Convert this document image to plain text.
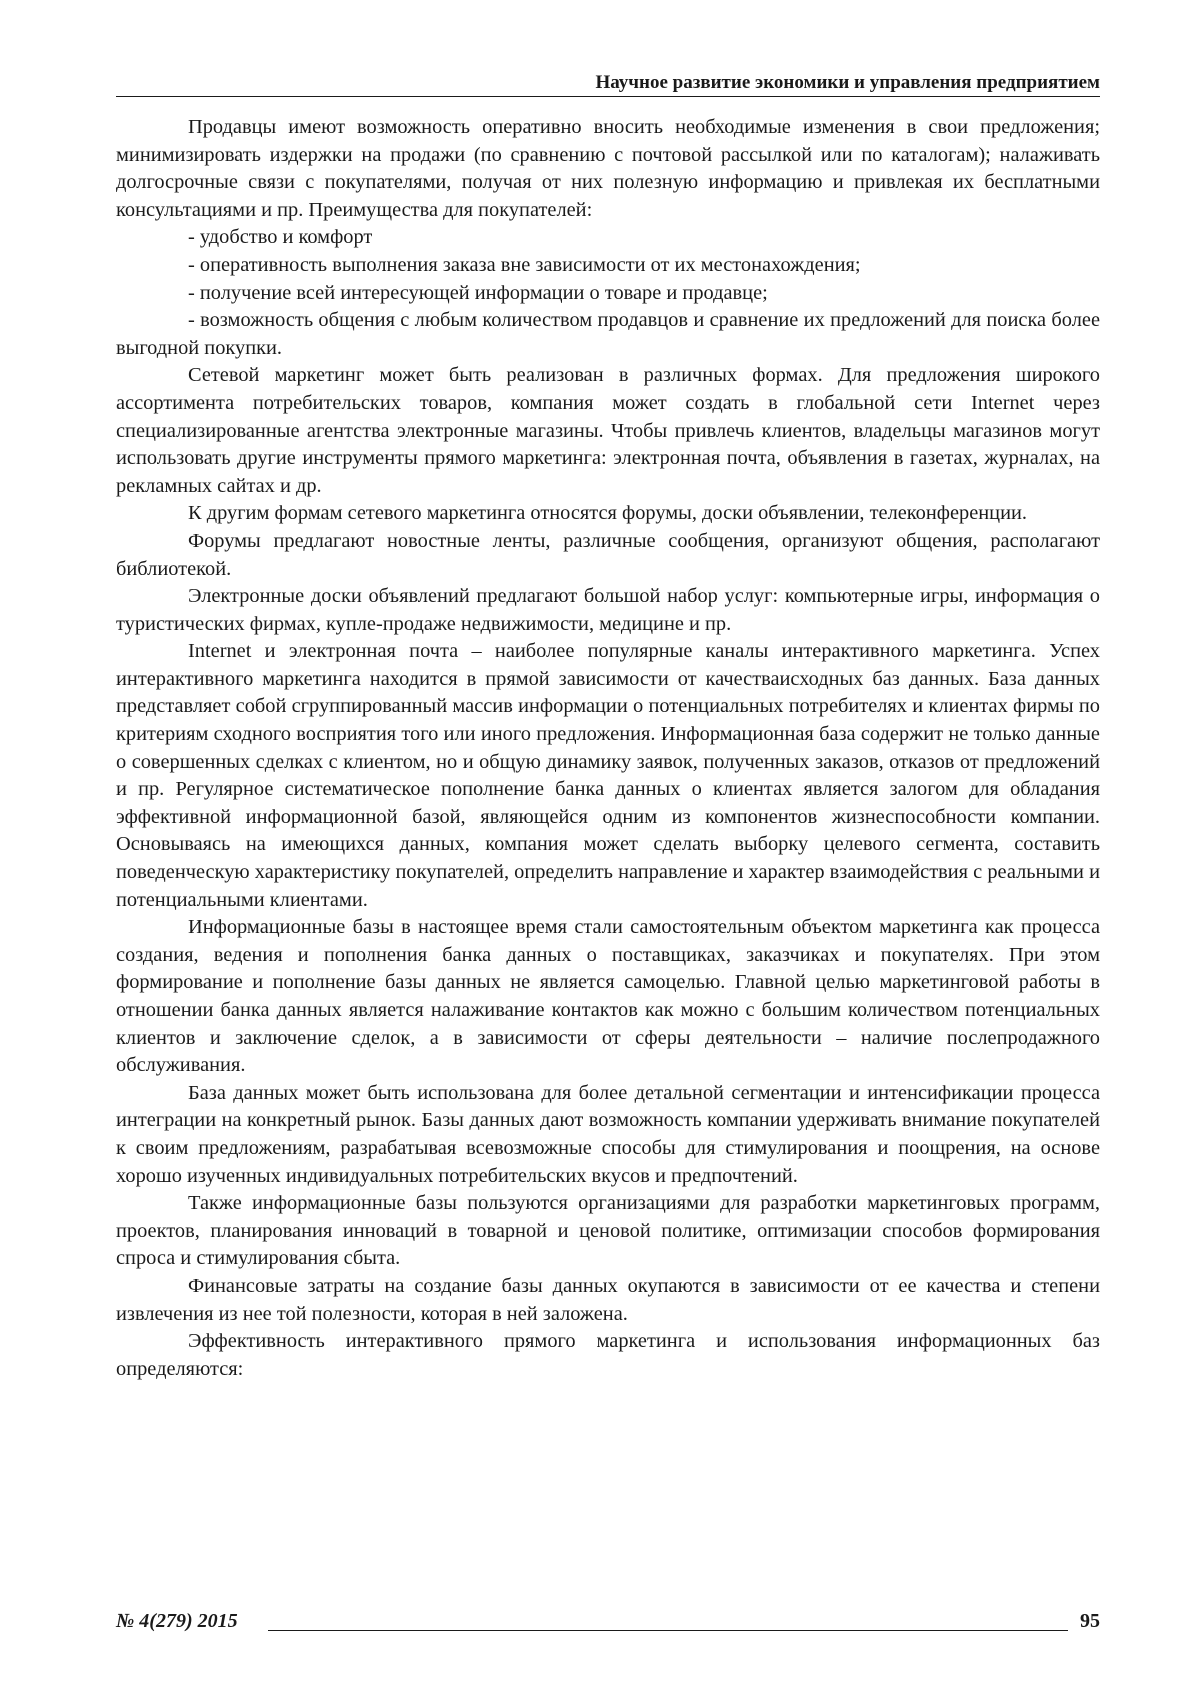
Научное развитие экономики и управления предприятием

Продавцы имеют возможность оперативно вносить необходимые изменения в свои предложения; минимизировать издержки на продажи (по сравнению с почтовой рассылкой или по каталогам); налаживать долгосрочные связи с покупателями, получая от них полезную информацию и привлекая их бесплатными консультациями и пр. Преимущества для покупателей:

- удобство и комфорт

- оперативность выполнения заказа вне зависимости от их местонахождения;

- получение всей интересующей информации о товаре и продавце;

- возможность общения с любым количеством продавцов и сравнение их предложений для поиска более выгодной покупки.

Сетевой маркетинг может быть реализован в различных формах. Для предложения широкого ассортимента потребительских товаров, компания может создать в глобальной сети Internet через специализированные агентства электронные магазины. Чтобы привлечь клиентов, владельцы магазинов могут использовать другие инструменты прямого маркетинга: электронная почта, объявления в газетах, журналах, на рекламных сайтах и др.

К другим формам сетевого маркетинга относятся форумы, доски объявлении, телеконференции.

Форумы предлагают новостные ленты, различные сообщения, организуют общения, располагают библиотекой.

Электронные доски объявлений предлагают большой набор услуг: компьютерные игры, информация о туристических фирмах, купле-продаже недвижимости, медицине и пр.

Internet и электронная почта – наиболее популярные каналы интерактивного маркетинга. Успех интерактивного маркетинга находится в прямой зависимости от качестваисходных баз данных. База данных представляет собой сгруппированный массив информации о потенциальных потребителях и клиентах фирмы по критериям сходного восприятия того или иного предложения. Информационная база содержит не только данные о совершенных сделках с клиентом, но и общую динамику заявок, полученных заказов, отказов от предложений и пр. Регулярное систематическое пополнение банка данных о клиентах является залогом для обладания эффективной информационной базой, являющейся одним из компонентов жизнеспособности компании. Основываясь на имеющихся данных, компания может сделать выборку целевого сегмента, составить поведенческую характеристику покупателей, определить направление и характер взаимодействия с реальными и потенциальными клиентами.

Информационные базы в настоящее время стали самостоятельным объектом маркетинга как процесса создания, ведения и пополнения банка данных о поставщиках, заказчиках и покупателях. При этом формирование и пополнение базы данных не является самоцелью. Главной целью маркетинговой работы в отношении банка данных является налаживание контактов как можно с большим количеством потенциальных клиентов и заключение сделок, а в зависимости от сферы деятельности – наличие послепродажного обслуживания.

База данных может быть использована для более детальной сегментации и интенсификации процесса интеграции на конкретный рынок. Базы данных дают возможность компании удерживать внимание покупателей к своим предложениям, разрабатывая всевозможные способы для стимулирования и поощрения, на основе хорошо изученных индивидуальных потребительских вкусов и предпочтений.

Также информационные базы пользуются организациями для разработки маркетинговых программ, проектов, планирования инноваций в товарной и ценовой политике, оптимизации способов формирования спроса и стимулирования сбыта.

Финансовые затраты на создание базы данных окупаются в зависимости от ее качества и степени извлечения из нее той полезности, которая в ней заложена.

Эффективность интерактивного прямого маркетинга и использования информационных баз определяются:

№ 4(279) 2015	95
